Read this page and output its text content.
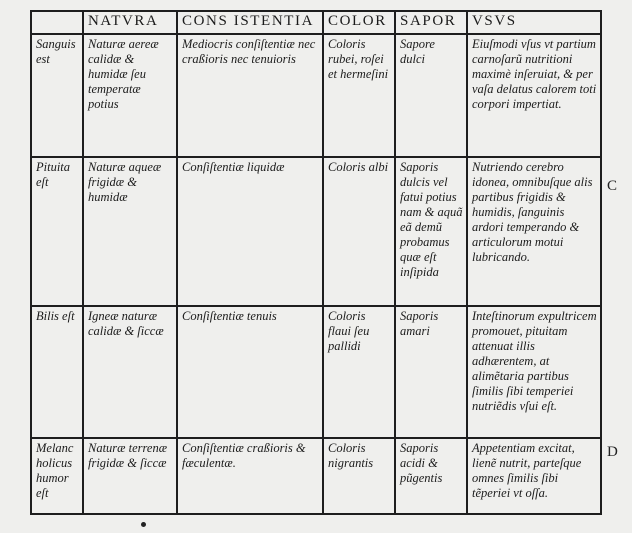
	NATVRA	CONS ISTENTIA	COLOR	SAPOR	VSVS
Sanguis est	Naturæ aereæ calidæ & humidæ ſeu temperatæ potius	Mediocris conſiſtentiæ nec craßioris nec tenuioris	Coloris rubei, roſei et hermeſini	Sapore dulci	Eiuſmodi vſus vt partium carnoſarũ nutritioni maximè inſeruiat, & per vaſa delatus calorem toti corpori impertiat.
Pituita eſt	Naturæ aqueæ frigidæ & humidæ	Conſiſtentiæ liquidæ	Coloris albi	Saporis dulcis vel fatui potius nam & aquã eã demũ probamus quæ eſt inſipida	Nutriendo cerebro idonea, omnibuſque alis partibus frigidis & humidis, ſanguinis ardori temperando & articulorum motui lubricando.
Bilis eſt	Igneæ naturæ calidæ & ſiccæ	Conſiſtentiæ tenuis	Coloris flaui ſeu pallidi	Saporis amari	Inteſtinorum expultricem promouet, pituitam attenuat illis adhærentem, at alimẽtaria partibus ſimilis ſibi temperiei nutriẽdis vſui eſt.
Melancholicus humor eſt	Naturæ terrenæ frigidæ & ſiccæ	Conſiſtentiæ craßioris & fæculentæ.	Coloris nigrantis	Saporis acidi & pũgentis	Appetentiam excitat, lienẽ nutrit, parteſque omnes ſimilis ſibi tẽperiei vt oſſa.
C
D
